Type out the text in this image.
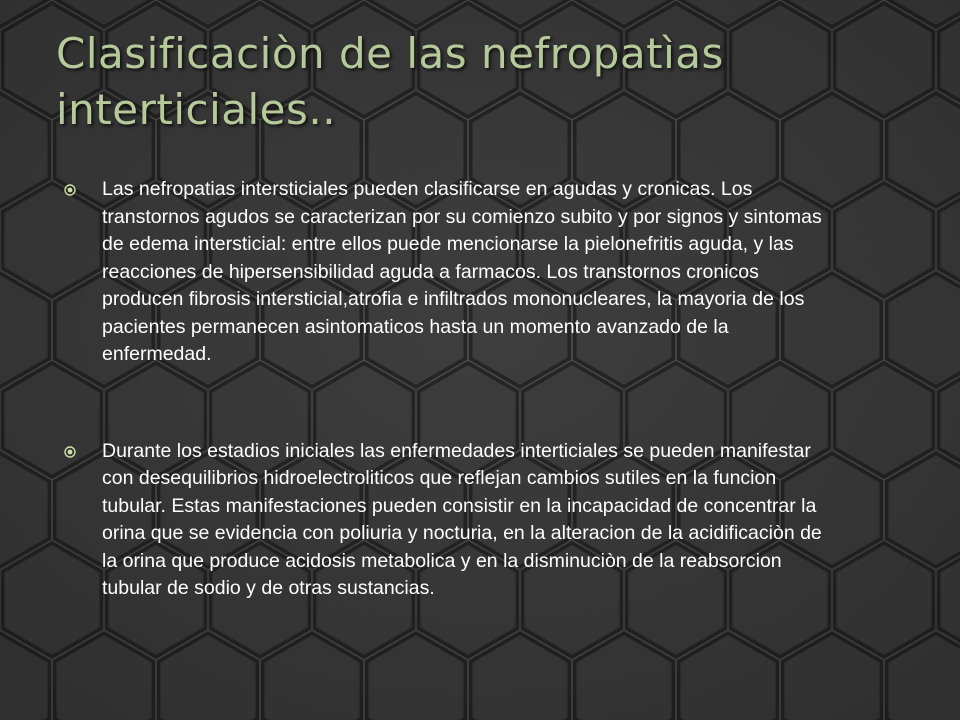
Clasificaciòn de las nefropatìas interticiales..
Las nefropatias intersticiales pueden clasificarse en agudas y cronicas. Los transtornos agudos se caracterizan por su comienzo subito y por signos y sintomas de edema intersticial: entre ellos puede mencionarse la pielonefritis aguda, y las reacciones de hipersensibilidad aguda a farmacos. Los transtornos cronicos producen fibrosis intersticial,atrofia e infiltrados mononucleares, la mayoria de los pacientes permanecen asintomaticos hasta un momento avanzado de la enfermedad.
Durante los estadios iniciales las enfermedades interticiales se pueden manifestar con desequilibrios hidroelectroliticos que reflejan cambios sutiles en la funcion tubular. Estas manifestaciones pueden consistir en la incapacidad de concentrar la orina que se evidencia con poliuria y nocturia, en la alteracion de la acidificaciòn de la orina que produce acidosis metabolica y en la disminuciòn de la reabsorcion tubular de sodio y de otras sustancias.
